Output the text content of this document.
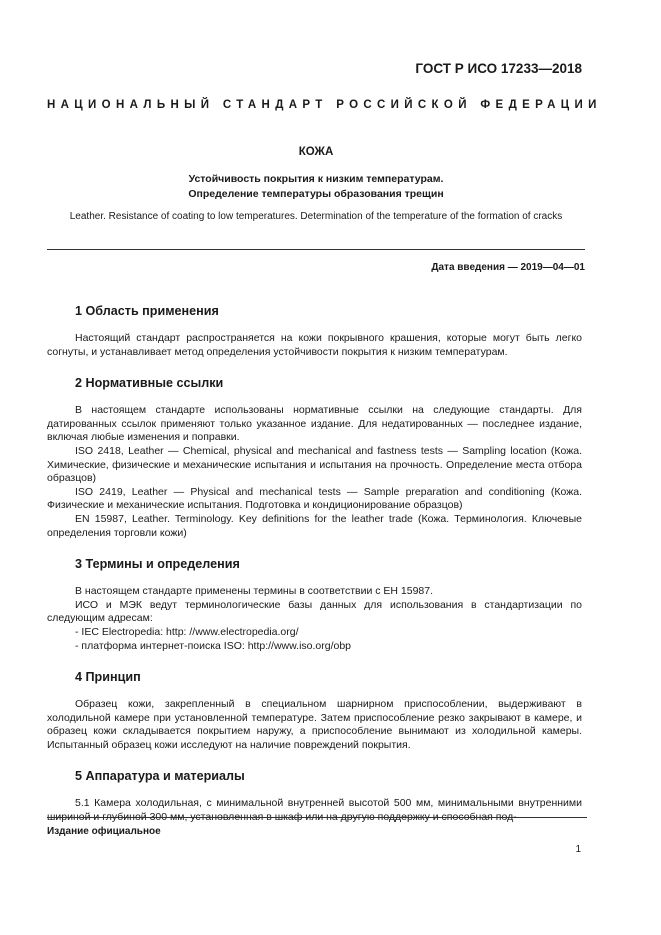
ГОСТ Р ИСО 17233—2018
НАЦИОНАЛЬНЫЙ СТАНДАРТ РОССИЙСКОЙ ФЕДЕРАЦИИ
КОЖА
Устойчивость покрытия к низким температурам.
Определение температуры образования трещин
Leather. Resistance of coating to low temperatures. Determination of the temperature of the formation of cracks
Дата введения — 2019—04—01
1 Область применения

Настоящий стандарт распространяется на кожи покрывного крашения, которые могут быть легко согнуты, и устанавливает метод определения устойчивости покрытия к низким температурам.

2 Нормативные ссылки

В настоящем стандарте использованы нормативные ссылки на следующие стандарты. Для датированных ссылок применяют только указанное издание. Для недатированных — последнее издание, включая любые изменения и поправки.

ISO 2418, Leather — Chemical, physical and mechanical and fastness tests — Sampling location (Кожа. Химические, физические и механические испытания и испытания на прочность. Определение места отбора образцов)

ISO 2419, Leather — Physical and mechanical tests — Sample preparation and conditioning (Кожа. Физические и механические испытания. Подготовка и кондиционирование образцов)

EN 15987, Leather. Terminology. Key definitions for the leather trade (Кожа. Терминология. Ключевые определения торговли кожи)

3 Термины и определения

В настоящем стандарте применены термины в соответствии с ЕН 15987.

ИСО и МЭК ведут терминологические базы данных для использования в стандартизации по следующим адресам:

- IEC Electropedia: http: //www.electropedia.org/
- платформа интернет-поиска ISO: http://www.iso.org/obp
4 Принцип

Образец кожи, закрепленный в специальном шарнирном приспособлении, выдерживают в холодильной камере при установленной температуре. Затем приспособление резко закрывают в камере, и образец кожи складывается покрытием наружу, а приспособление вынимают из холодильной камеры. Испытанный образец кожи исследуют на наличие повреждений покрытия.

5 Аппаратура и материалы

5.1 Камера холодильная, с минимальной внутренней высотой 500 мм, минимальными внутренними шириной и глубиной 300 мм, установленная в шкаф или на другую поддержку и способная под-

Издание официальное
1
